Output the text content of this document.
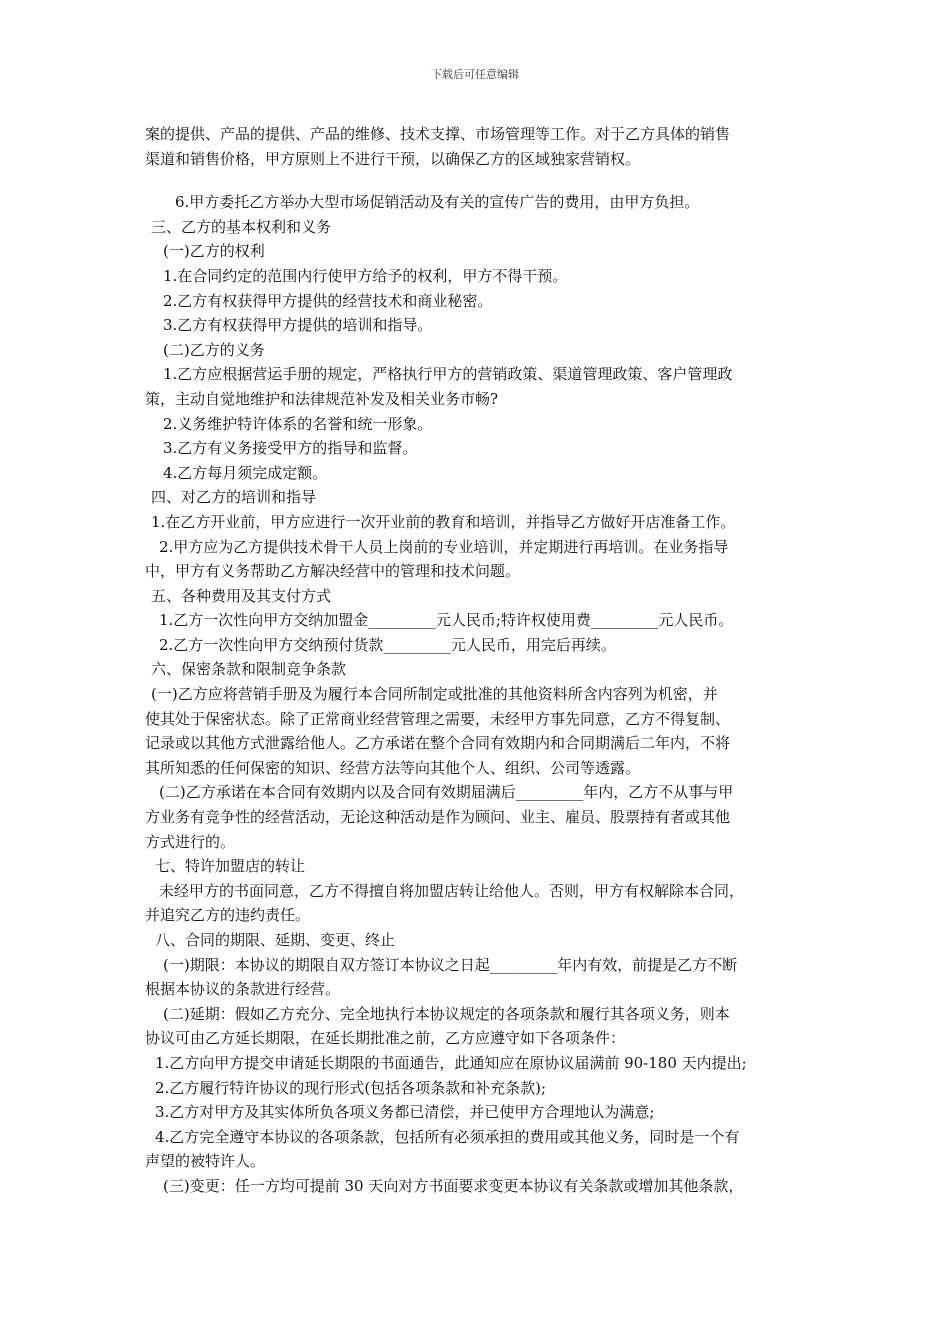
下载后可任意编辑
案的提供、产品的提供、产品的维修、技术支撑、市场管理等工作。对于乙方具体的销售
渠道和销售价格，甲方原则上不进行干预，以确保乙方的区域独家营销权。
6.甲方委托乙方举办大型市场促销活动及有关的宣传广告的费用，由甲方负担。
三、乙方的基本权利和义务
(一)乙方的权利
1.在合同约定的范围内行使甲方给予的权利，甲方不得干预。
2.乙方有权获得甲方提供的经营技术和商业秘密。
3.乙方有权获得甲方提供的培训和指导。
(二)乙方的义务
1.乙方应根据营运手册的规定，严格执行甲方的营销政策、渠道管理政策、客户管理政
策，主动自觉地维护和法律规范补发及相关业务市畅?
2.义务维护特许体系的名誉和统一形象。
3.乙方有义务接受甲方的指导和监督。
4.乙方每月须完成定额。
四、对乙方的培训和指导
1.在乙方开业前，甲方应进行一次开业前的教育和培训，并指导乙方做好开店准备工作。
2.甲方应为乙方提供技术骨干人员上岗前的专业培训，并定期进行再培训。在业务指导
中，甲方有义务帮助乙方解决经营中的管理和技术问题。
五、各种费用及其支付方式
1.乙方一次性向甲方交纳加盟金_________元人民币;特许权使用费_________元人民币。
2.乙方一次性向甲方交纳预付货款_________元人民币，用完后再续。
六、保密条款和限制竞争条款
(一)乙方应将营销手册及为履行本合同所制定或批准的其他资料所含内容列为机密，并
使其处于保密状态。除了正常商业经营管理之需要，未经甲方事先同意，乙方不得复制、
记录或以其他方式泄露给他人。乙方承诺在整个合同有效期内和合同期满后二年内，不将
其所知悉的任何保密的知识、经营方法等向其他个人、组织、公司等透露。
(二)乙方承诺在本合同有效期内以及合同有效期届满后_________年内，乙方不从事与甲
方业务有竞争性的经营活动，无论这种活动是作为顾问、业主、雇员、股票持有者或其他
方式进行的。
七、特许加盟店的转让
未经甲方的书面同意，乙方不得擅自将加盟店转让给他人。否则，甲方有权解除本合同，
并追究乙方的违约责任。
八、合同的期限、延期、变更、终止
(一)期限：本协议的期限自双方签订本协议之日起_________年内有效，前提是乙方不断
根据本协议的条款进行经营。
(二)延期：假如乙方充分、完全地执行本协议规定的各项条款和履行其各项义务，则本
协议可由乙方延长期限，在延长期批准之前，乙方应遵守如下各项条件：
1.乙方向甲方提交申请延长期限的书面通告，此通知应在原协议届满前 90-180 天内提出;
2.乙方履行特许协议的现行形式(包括各项条款和补充条款);
3.乙方对甲方及其实体所负各项义务都已清偿，并已使甲方合理地认为满意;
4.乙方完全遵守本协议的各项条款，包括所有必须承担的费用或其他义务，同时是一个有
声望的被特许人。
(三)变更：任一方均可提前 30 天向对方书面要求变更本协议有关条款或增加其他条款，
